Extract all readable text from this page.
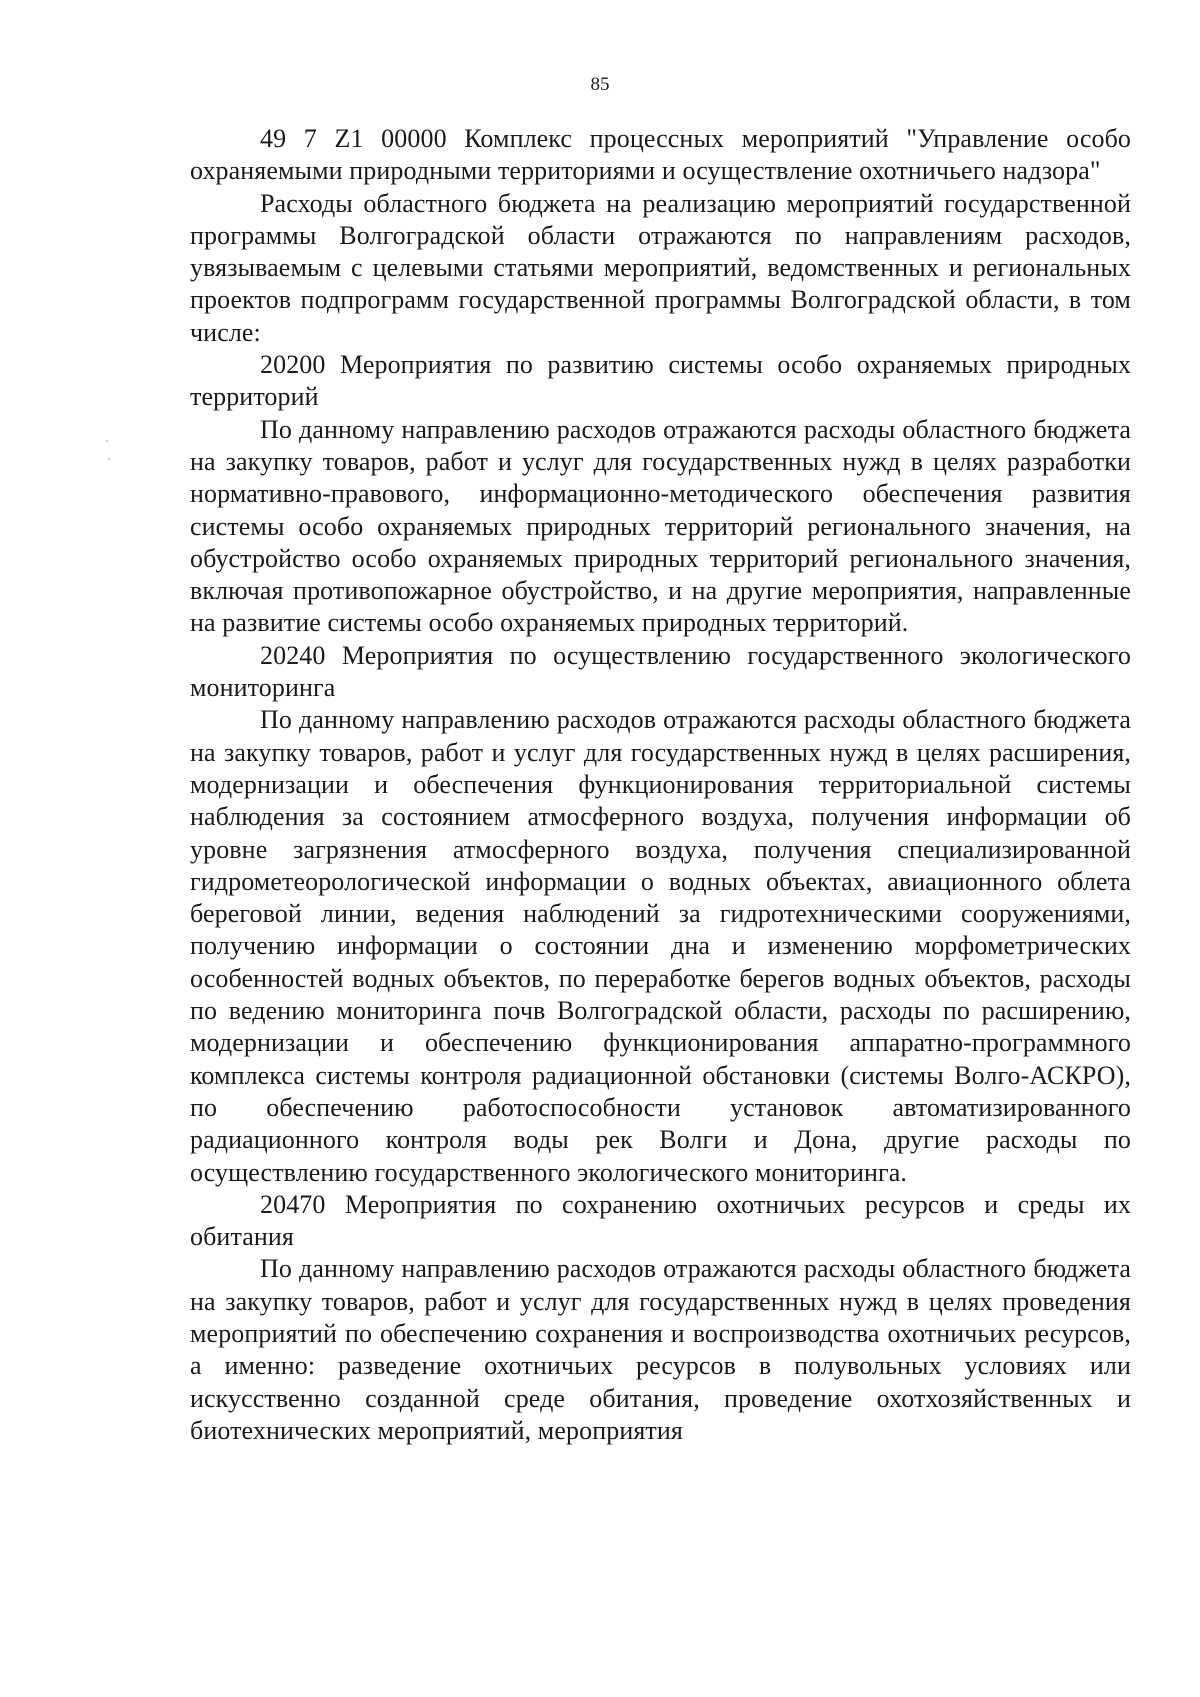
85

49 7 Z1 00000 Комплекс процессных мероприятий "Управление особо охраняемыми природными территориями и осуществление охотничьего надзора"

Расходы областного бюджета на реализацию мероприятий государственной программы Волгоградской области отражаются по направлениям расходов, увязываемым с целевыми статьями мероприятий, ведомственных и региональных проектов подпрограмм государственной программы Волгоградской области, в том числе:

20200 Мероприятия по развитию системы особо охраняемых природных территорий

По данному направлению расходов отражаются расходы областного бюджета на закупку товаров, работ и услуг для государственных нужд в целях разработки нормативно-правового, информационно-методического обеспечения развития системы особо охраняемых природных территорий регионального значения, на обустройство особо охраняемых природных территорий регионального значения, включая противопожарное обустройство, и на другие мероприятия, направленные на развитие системы особо охраняемых природных территорий.

20240 Мероприятия по осуществлению государственного экологического мониторинга

По данному направлению расходов отражаются расходы областного бюджета на закупку товаров, работ и услуг для государственных нужд в целях расширения, модернизации и обеспечения функционирования территориальной системы наблюдения за состоянием атмосферного воздуха, получения информации об уровне загрязнения атмосферного воздуха, получения специализированной гидрометеорологической информации о водных объектах, авиационного облета береговой линии, ведения наблюдений за гидротехническими сооружениями, получению информации о состоянии дна и изменению морфометрических особенностей водных объектов, по переработке берегов водных объектов, расходы по ведению мониторинга почв Волгоградской области, расходы по расширению, модернизации и обеспечению функционирования аппаратно-программного комплекса системы контроля радиационной обстановки (системы Волго-АСКРО), по обеспечению работоспособности установок автоматизированного радиационного контроля воды рек Волги и Дона, другие расходы по осуществлению государственного экологического мониторинга.

20470 Мероприятия по сохранению охотничьих ресурсов и среды их обитания

По данному направлению расходов отражаются расходы областного бюджета на закупку товаров, работ и услуг для государственных нужд в целях проведения мероприятий по обеспечению сохранения и воспроизводства охотничьих ресурсов, а именно: разведение охотничьих ресурсов в полувольных условиях или искусственно созданной среде обитания, проведение охотхозяйственных и биотехнических мероприятий, мероприятия
